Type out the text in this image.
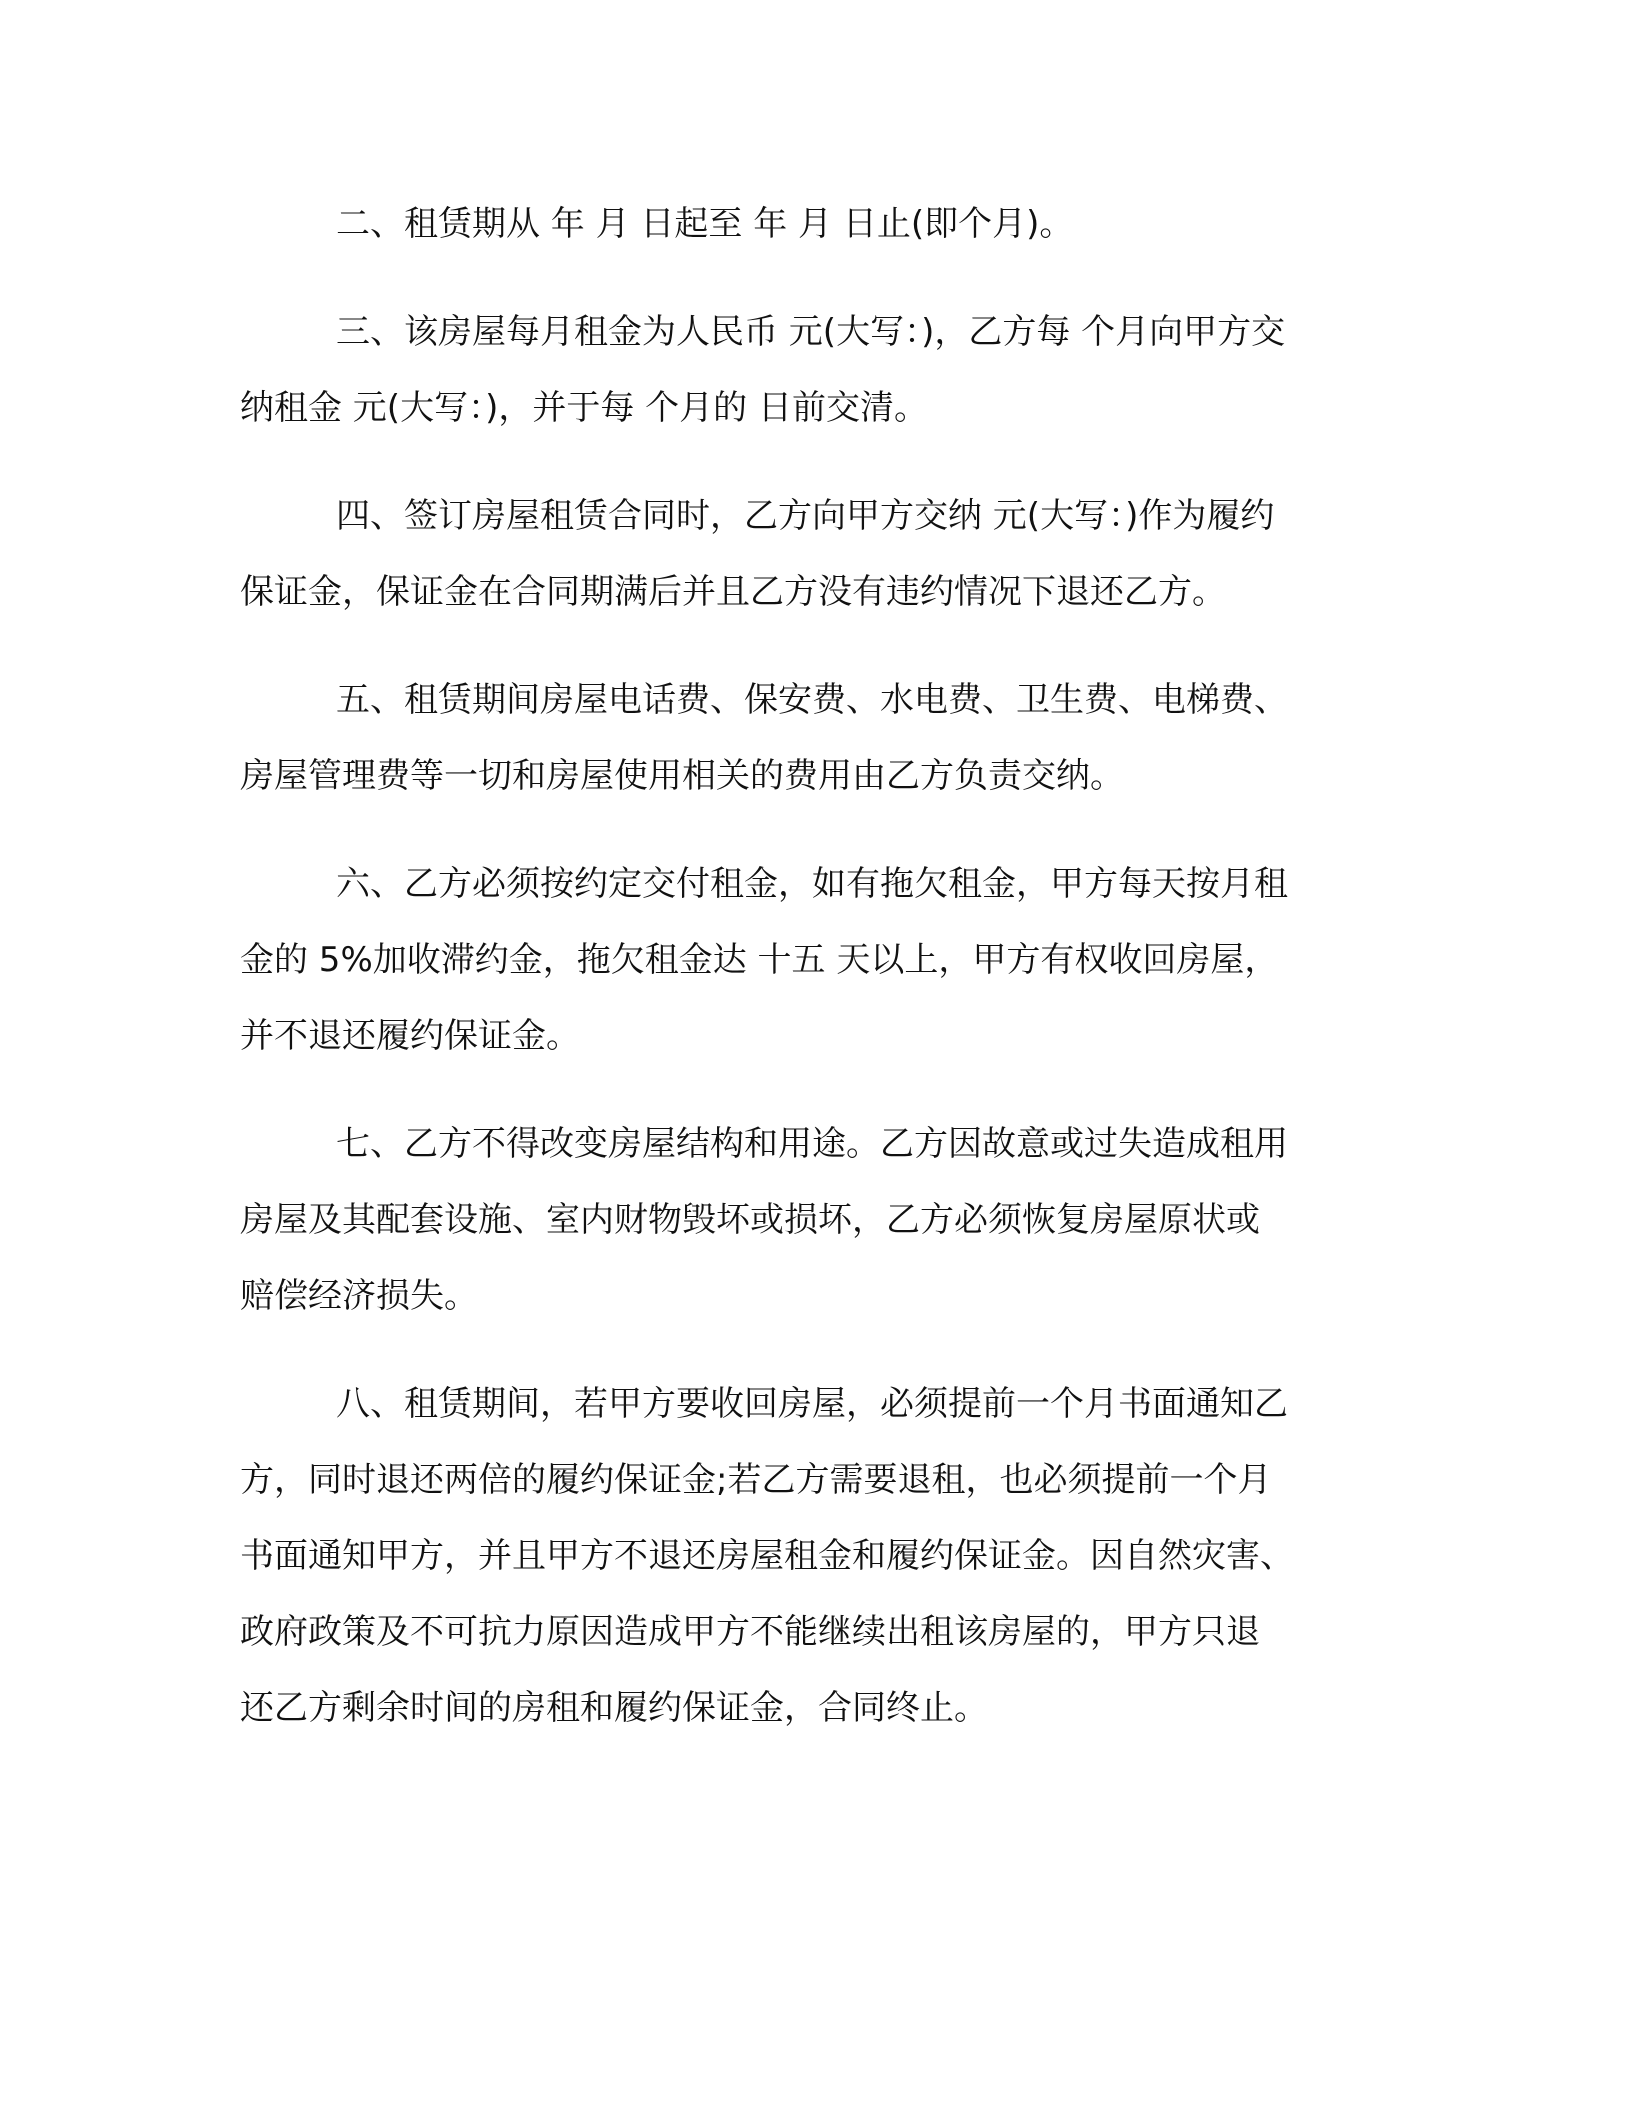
二、租赁期从 年 月 日起至 年 月 日止(即个月)。

三、该房屋每月租金为人民币 元(大写：)，乙方每 个月向甲方交
纳租金 元(大写：)，并于每 个月的 日前交清。

四、签订房屋租赁合同时，乙方向甲方交纳 元(大写：)作为履约
保证金，保证金在合同期满后并且乙方没有违约情况下退还乙方。

五、租赁期间房屋电话费、保安费、水电费、卫生费、电梯费、
房屋管理费等一切和房屋使用相关的费用由乙方负责交纳。

六、乙方必须按约定交付租金，如有拖欠租金，甲方每天按月租
金的 5%加收滞约金，拖欠租金达 十五 天以上，甲方有权收回房屋，
并不退还履约保证金。

七、乙方不得改变房屋结构和用途。乙方因故意或过失造成租用
房屋及其配套设施、室内财物毁坏或损坏，乙方必须恢复房屋原状或
赔偿经济损失。

八、租赁期间，若甲方要收回房屋，必须提前一个月书面通知乙
方，同时退还两倍的履约保证金;若乙方需要退租，也必须提前一个月
书面通知甲方，并且甲方不退还房屋租金和履约保证金。因自然灾害、
政府政策及不可抗力原因造成甲方不能继续出租该房屋的，甲方只退
还乙方剩余时间的房租和履约保证金，合同终止。
